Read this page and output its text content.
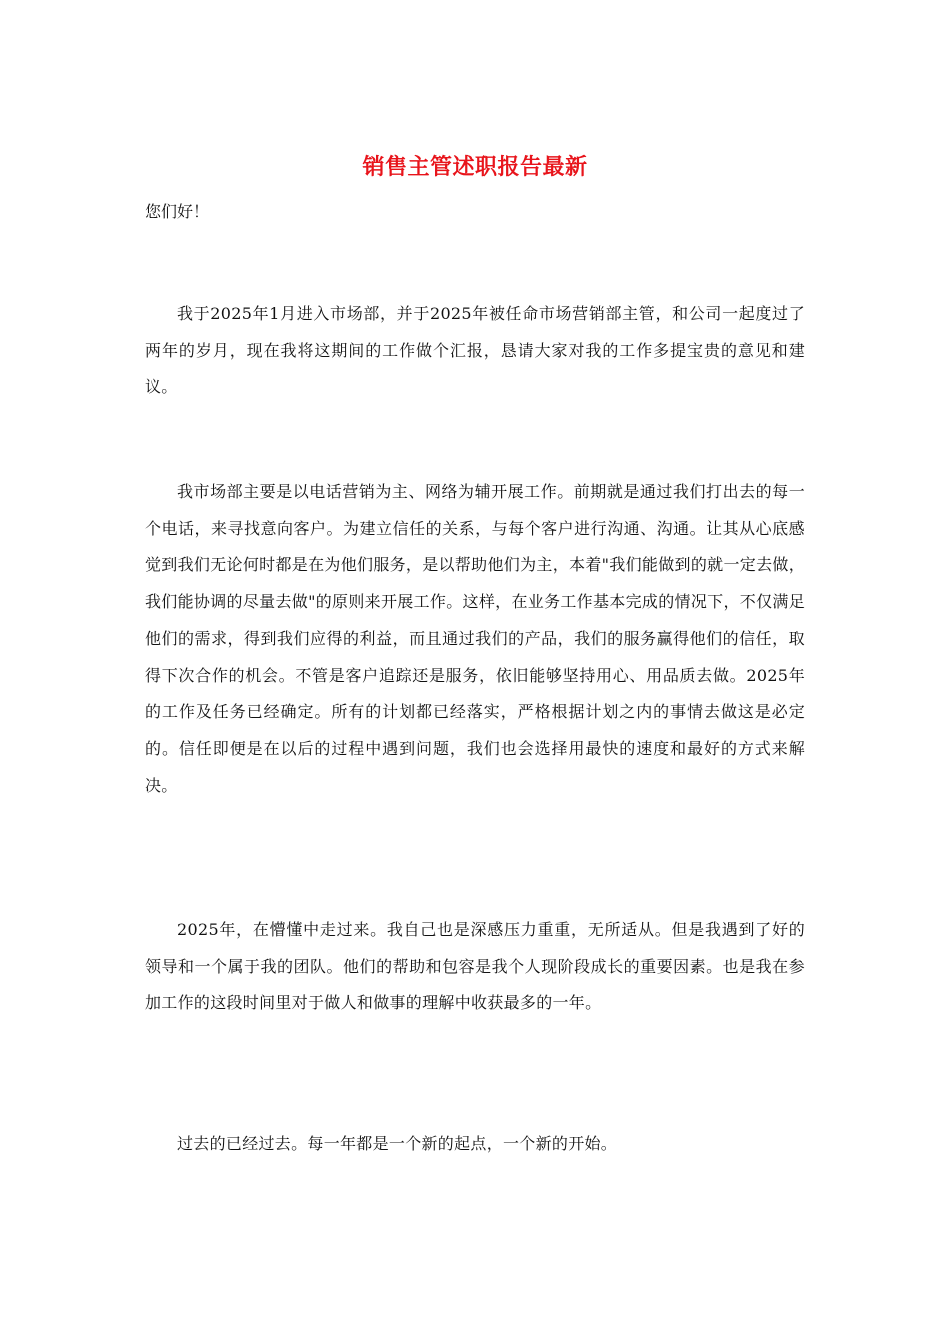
销售主管述职报告最新
您们好！

我于2025年1月进入市场部，并于2025年被任命市场营销部主管，和公司一起度过了两年的岁月，现在我将这期间的工作做个汇报，恳请大家对我的工作多提宝贵的意见和建议。

我市场部主要是以电话营销为主、网络为辅开展工作。前期就是通过我们打出去的每一个电话，来寻找意向客户。为建立信任的关系，与每个客户进行沟通、沟通。让其从心底感觉到我们无论何时都是在为他们服务，是以帮助他们为主，本着"我们能做到的就一定去做，我们能协调的尽量去做"的原则来开展工作。这样，在业务工作基本完成的情况下，不仅满足他们的需求，得到我们应得的利益，而且通过我们的产品，我们的服务赢得他们的信任，取得下次合作的机会。不管是客户追踪还是服务，依旧能够坚持用心、用品质去做。2025年的工作及任务已经确定。所有的计划都已经落实，严格根据计划之内的事情去做这是必定的。信任即便是在以后的过程中遇到问题，我们也会选择用最快的速度和最好的方式来解决。

2025年，在懵懂中走过来。我自己也是深感压力重重，无所适从。但是我遇到了好的领导和一个属于我的团队。他们的帮助和包容是我个人现阶段成长的重要因素。也是我在参加工作的这段时间里对于做人和做事的理解中收获最多的一年。

过去的已经过去。每一年都是一个新的起点，一个新的开始。
